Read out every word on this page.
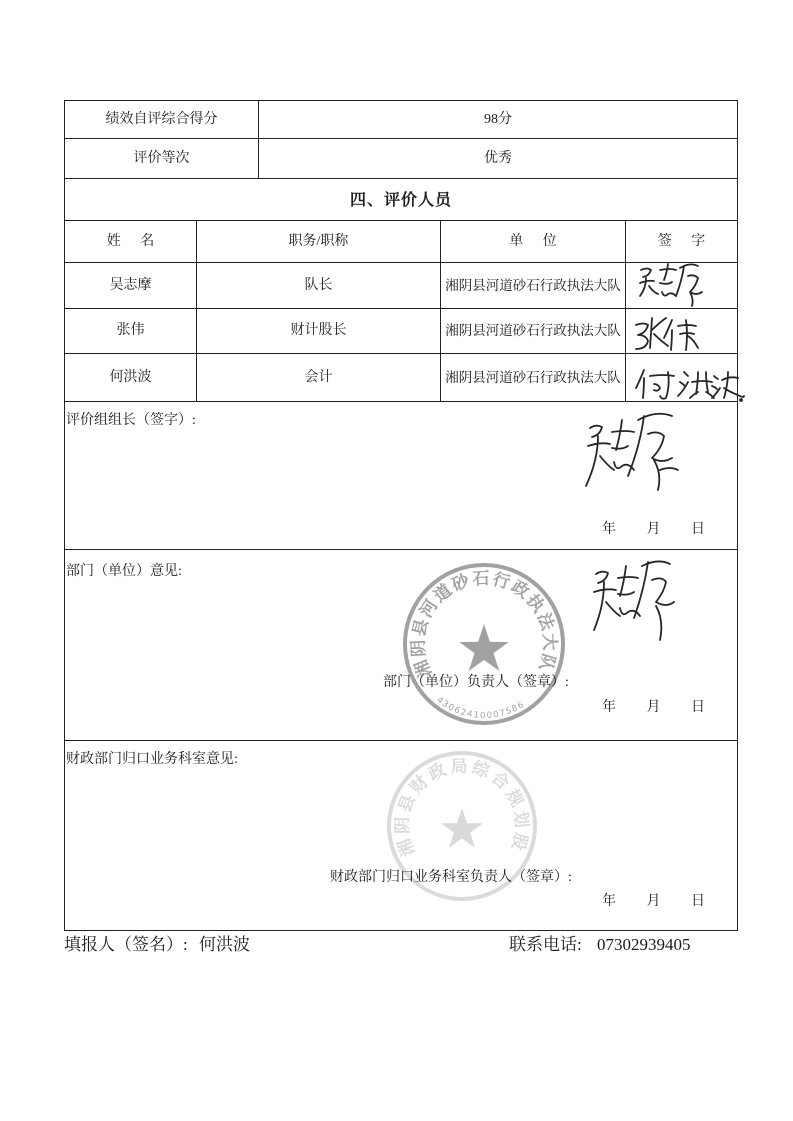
湘阴县河道砂石行政执法大队
43062410007586
湘阴县财政局综合规划股
绩效自评综合得分	98分
评价等次	优秀
四、评价人员
姓 名	职务/职称	单 位	签 字
吴志摩	队长	湘阴县河道砂石行政执法大队
张伟	财计股长	湘阴县河道砂石行政执法大队
何洪波	会计	湘阴县河道砂石行政执法大队
评价组组长（签字）:
年 月 日
部门（单位）意见:
部门（单位）负责人（签章）:
年 月 日
财政部门归口业务科室意见:
财政部门归口业务科室负责人（签章）:
年 月 日
填报人（签名）: 何洪波	联系电话: 07302939405
